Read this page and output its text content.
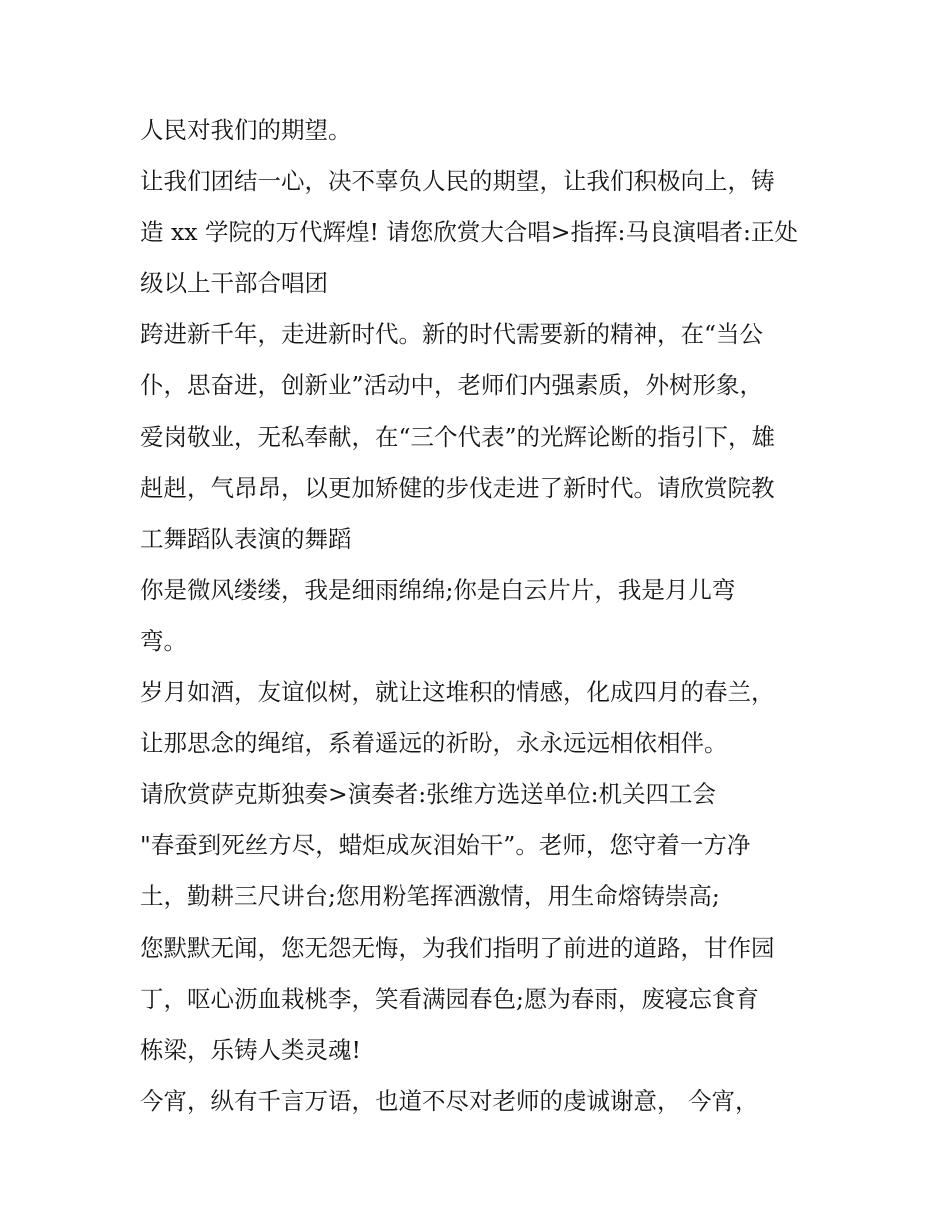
人民对我们的期望。
让我们团结一心，决不辜负人民的期望，让我们积极向上，铸
造 xx 学院的万代辉煌! 请您欣赏大合唱>指挥:马良演唱者:正处
级以上干部合唱团
跨进新千年，走进新时代。新的时代需要新的精神，在“当公
仆，思奋进，创新业”活动中，老师们内强素质，外树形象，
爱岗敬业，无私奉献，在“三个代表”的光辉论断的指引下，雄
赳赳，气昂昂，以更加矫健的步伐走进了新时代。请欣赏院教
工舞蹈队表演的舞蹈
你是微风缕缕，我是细雨绵绵;你是白云片片，我是月儿弯
弯。
岁月如酒，友谊似树，就让这堆积的情感，化成四月的春兰，
让那思念的绳绾，系着遥远的祈盼，永永远远相依相伴。
请欣赏萨克斯独奏>演奏者:张维方选送单位:机关四工会
"春蚕到死丝方尽，蜡炬成灰泪始干”。老师，您守着一方净
土，勤耕三尺讲台;您用粉笔挥洒激情，用生命熔铸崇高;
您默默无闻，您无怨无悔，为我们指明了前进的道路，甘作园
丁，呕心沥血栽桃李，笑看满园春色;愿为春雨，废寝忘食育
栋梁，乐铸人类灵魂!
今宵，纵有千言万语，也道不尽对老师的虔诚谢意， 今宵，
